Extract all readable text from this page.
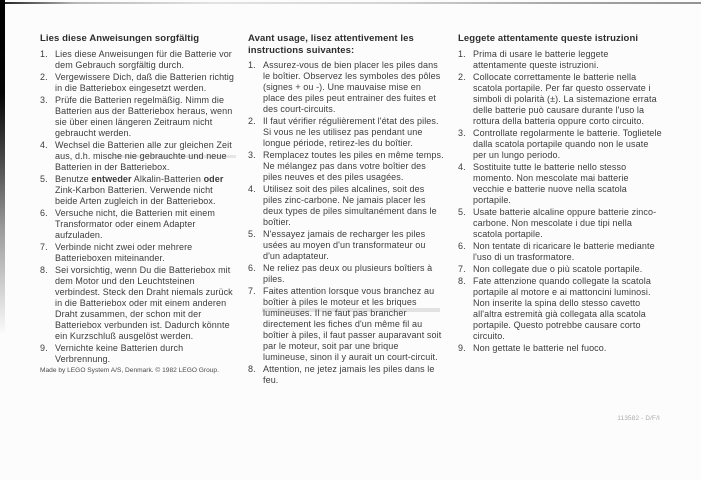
Lies diese Anweisungen sorgfältig
1. Lies diese Anweisungen für die Batterie vor dem Gebrauch sorgfältig durch.
2. Vergewissere Dich, daß die Batterien richtig in die Batteriebox eingesetzt werden.
3. Prüfe die Batterien regelmäßig. Nimm die Batterien aus der Batteriebox heraus, wenn sie über einen längeren Zeitraum nicht gebraucht werden.
4. Wechsel die Batterien alle zur gleichen Zeit aus, d.h. mische nie gebrauchte und neue Batterien in der Batteriebox.
5. Benutze entweder Alkalin-Batterien oder Zink-Karbon Batterien. Verwende nicht beide Arten zugleich in der Batteriebox.
6. Versuche nicht, die Batterien mit einem Transformator oder einem Adapter aufzuladen.
7. Verbinde nicht zwei oder mehrere Batterieboxen miteinander.
8. Sei vorsichtig, wenn Du die Batteriebox mit dem Motor und den Leuchtsteinen verbindest. Steck den Draht niemals zurück in die Batteriebox oder mit einem anderen Draht zusammen, der schon mit der Batteriebox verbunden ist. Dadurch könnte ein Kurzschluß ausgelöst werden.
9. Vernichte keine Batterien durch Verbrennung.

Made by LEGO System A/S, Denmark. © 1982 LEGO Group.

Avant usage, lisez attentivement les instructions suivantes:
1. Assurez-vous de bien placer les piles dans le boîtier. Observez les symboles des pôles (signes + ou -). Une mauvaise mise en place des piles peut entrainer des fuites et des court-circuits.
2. Il faut vérifier régulièrement l'état des piles. Si vous ne les utilisez pas pendant une longue période, retirez-les du boîtier.
3. Remplacez toutes les piles en même temps. Ne mélangez pas dans votre boîtier des piles neuves et des piles usagées.
4. Utilisez soit des piles alcalines, soit des piles zinc-carbone. Ne jamais placer les deux types de piles simultanément dans le boîtier.
5. N'essayez jamais de recharger les piles usées au moyen d'un transformateur ou d'un adaptateur.
6. Ne reliez pas deux ou plusieurs boîtiers à piles.
7. Faites attention lorsque vous branchez au boîtier à piles le moteur et les briques lumineuses. Il ne faut pas brancher directement les fiches d'un même fil au boîtier à piles, il faut passer auparavant soit par le moteur, soit par une brique lumineuse, sinon il y aurait un court-circuit.
8. Attention, ne jetez jamais les piles dans le feu.
Leggete attentamente queste istruzioni
1. Prima di usare le batterie leggete attentamente queste istruzioni.
2. Collocate correttamente le batterie nella scatola portapile. Per far questo osservate i simboli di polarità (±). La sistemazione errata delle batterie può causare durante l'uso la rottura della batteria oppure corto circuito.
3. Controllate regolarmente le batterie. Toglietele dalla scatola portapile quando non le usate per un lungo periodo.
4. Sostituite tutte le batterie nello stesso momento. Non mescolate mai batterie vecchie e batterie nuove nella scatola portapile.
5. Usate batterie alcaline oppure batterie zinco-carbone. Non mescolate i due tipi nella scatola portapile.
6. Non tentate di ricaricare le batterie mediante l'uso di un trasformatore.
7. Non collegate due o più scatole portapile.
8. Fate attenzione quando collegate la scatola portapile al motore e ai mattoncini luminosi. Non inserite la spina dello stesso cavetto all'altra estremità già collegata alla scatola portapile. Questo potrebbe causare corto circuito.
9. Non gettate le batterie nel fuoco.
113582 - D/F/I
